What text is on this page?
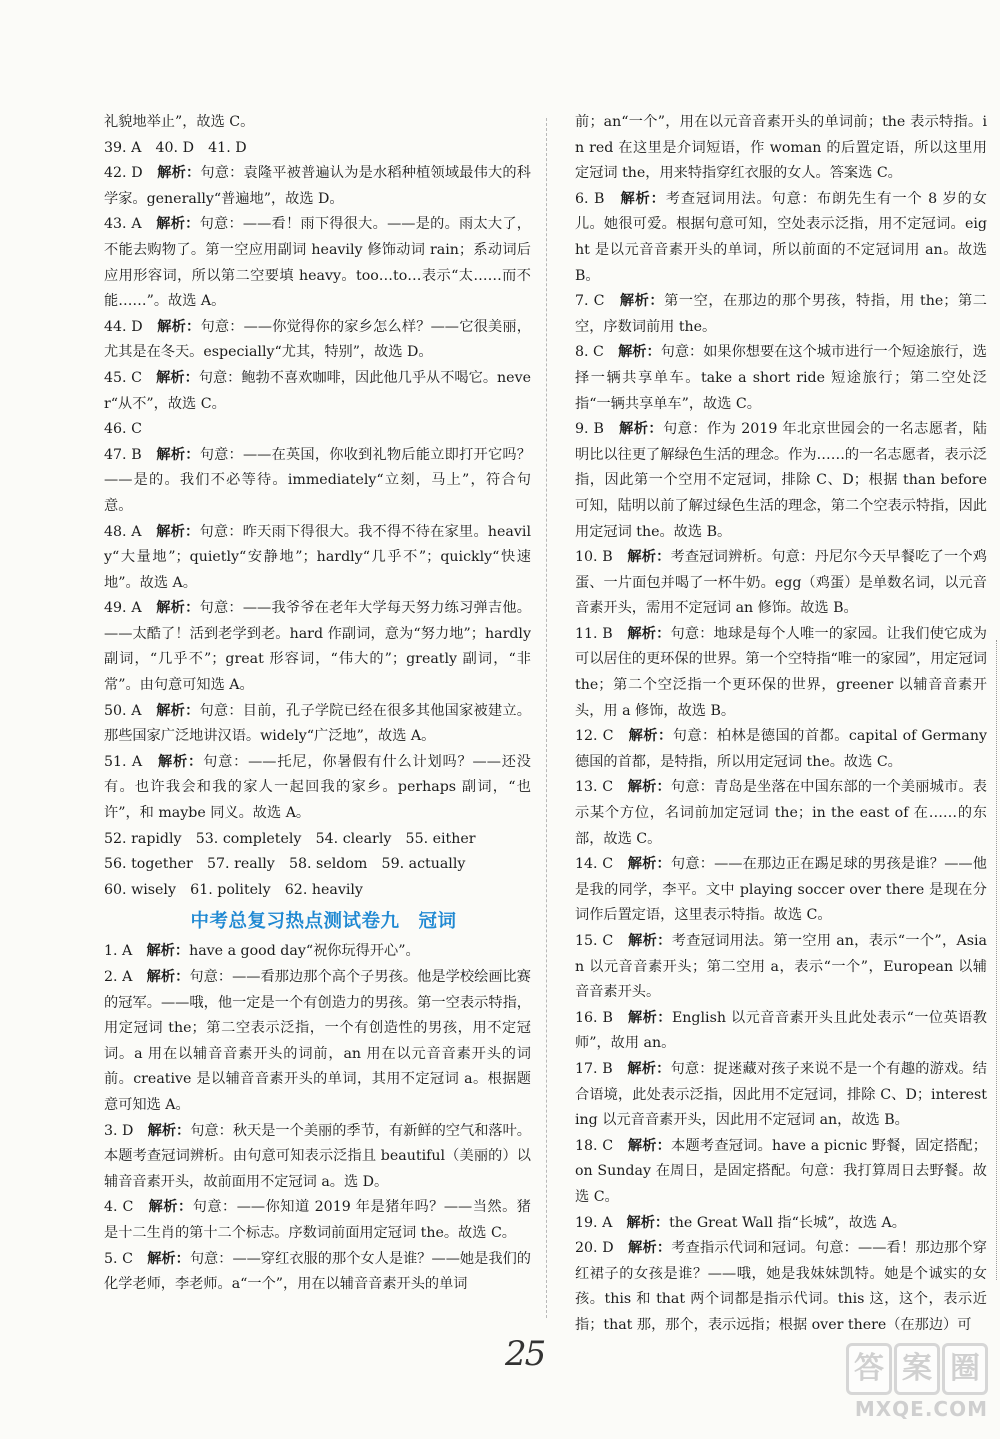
礼貌地举止”，故选 C。

39. A　40. D　41. D

42. D　解析：句意：袁隆平被普遍认为是水稻种植领域最伟大的科学家。generally“普遍地”，故选 D。

43. A　解析：句意：——看！雨下得很大。——是的。雨太大了，不能去购物了。第一空应用副词 heavily 修饰动词 rain；系动词后应用形容词，所以第二空要填 heavy。too…to…表示“太……而不能……”。故选 A。

44. D　解析：句意：——你觉得你的家乡怎么样？——它很美丽，尤其是在冬天。especially“尤其，特别”，故选 D。

45. C　解析：句意：鲍勃不喜欢咖啡，因此他几乎从不喝它。never“从不”，故选 C。

46. C

47. B　解析：句意：——在英国，你收到礼物后能立即打开它吗？——是的。我们不必等待。immediately“立刻，马上”，符合句意。

48. A　解析：句意：昨天雨下得很大。我不得不待在家里。heavily“大量地”；quietly“安静地”；hardly“几乎不”；quickly“快速地”。故选 A。

49. A　解析：句意：——我爷爷在老年大学每天努力练习弹吉他。——太酷了！活到老学到老。hard 作副词，意为“努力地”；hardly 副词，“几乎不”；great 形容词，“伟大的”；greatly 副词，“非常”。由句意可知选 A。

50. A　解析：句意：目前，孔子学院已经在很多其他国家被建立。那些国家广泛地讲汉语。widely“广泛地”，故选 A。

51. A　解析：句意：——托尼，你暑假有什么计划吗？——还没有。也许我会和我的家人一起回我的家乡。perhaps 副词，“也许”，和 maybe 同义。故选 A。

52. rapidly　53. completely　54. clearly　55. either

56. together　57. really　58. seldom　59. actually

60. wisely　61. politely　62. heavily

中考总复习热点测试卷九　冠词

1. A　解析：have a good day“祝你玩得开心”。

2. A　解析：句意：——看那边那个高个子男孩。他是学校绘画比赛的冠军。——哦，他一定是一个有创造力的男孩。第一空表示特指，用定冠词 the；第二空表示泛指，一个有创造性的男孩，用不定冠词。a 用在以辅音音素开头的词前，an 用在以元音音素开头的词前。creative 是以辅音音素开头的单词，其用不定冠词 a。根据题意可知选 A。

3. D　解析：句意：秋天是一个美丽的季节，有新鲜的空气和落叶。本题考查冠词辨析。由句意可知表示泛指且 beautiful（美丽的）以辅音音素开头，故前面用不定冠词 a。选 D。

4. C　解析：句意：——你知道 2019 年是猪年吗？——当然。猪是十二生肖的第十二个标志。序数词前面用定冠词 the。故选 C。

5. C　解析：句意：——穿红衣服的那个女人是谁？——她是我们的化学老师，李老师。a“一个”，用在以辅音音素开头的单词

前；an“一个”，用在以元音音素开头的单词前；the 表示特指。in red 在这里是介词短语，作 woman 的后置定语，所以这里用定冠词 the，用来特指穿红衣服的女人。答案选 C。

6. B　解析：考查冠词用法。句意：布朗先生有一个 8 岁的女儿。她很可爱。根据句意可知，空处表示泛指，用不定冠词。eight 是以元音音素开头的单词，所以前面的不定冠词用 an。故选 B。

7. C　解析：第一空，在那边的那个男孩，特指，用 the；第二空，序数词前用 the。

8. C　解析：句意：如果你想要在这个城市进行一个短途旅行，选择一辆共享单车。take a short ride 短途旅行；第二空处泛指“一辆共享单车”，故选 C。

9. B　解析：句意：作为 2019 年北京世园会的一名志愿者，陆明比以往更了解绿色生活的理念。作为……的一名志愿者，表示泛指，因此第一个空用不定冠词，排除 C、D；根据 than before 可知，陆明以前了解过绿色生活的理念，第二个空表示特指，因此用定冠词 the。故选 B。

10. B　解析：考查冠词辨析。句意：丹尼尔今天早餐吃了一个鸡蛋、一片面包并喝了一杯牛奶。egg（鸡蛋）是单数名词，以元音音素开头，需用不定冠词 an 修饰。故选 B。

11. B　解析：句意：地球是每个人唯一的家园。让我们使它成为可以居住的更环保的世界。第一个空特指“唯一的家园”，用定冠词 the；第二个空泛指一个更环保的世界，greener 以辅音音素开头，用 a 修饰，故选 B。

12. C　解析：句意：柏林是德国的首都。capital of Germany 德国的首都，是特指，所以用定冠词 the。故选 C。

13. C　解析：句意：青岛是坐落在中国东部的一个美丽城市。表示某个方位，名词前加定冠词 the；in the east of 在……的东部，故选 C。

14. C　解析：句意：——在那边正在踢足球的男孩是谁？——他是我的同学，李平。文中 playing soccer over there 是现在分词作后置定语，这里表示特指。故选 C。

15. C　解析：考查冠词用法。第一空用 an，表示“一个”，Asian 以元音音素开头；第二空用 a，表示“一个”，European 以辅音音素开头。

16. B　解析：English 以元音音素开头且此处表示“一位英语教师”，故用 an。

17. B　解析：句意：捉迷藏对孩子来说不是一个有趣的游戏。结合语境，此处表示泛指，因此用不定冠词，排除 C、D；interesting 以元音音素开头，因此用不定冠词 an，故选 B。

18. C　解析：本题考查冠词。have a picnic 野餐，固定搭配；on Sunday 在周日，是固定搭配。句意：我打算周日去野餐。故选 C。

19. A　解析：the Great Wall 指“长城”，故选 A。

20. D　解析：考查指示代词和冠词。句意：——看！那边那个穿红裙子的女孩是谁？——哦，她是我妹妹凯特。她是个诚实的女孩。this 和 that 两个词都是指示代词。this 这，这个，表示近指；that 那，那个，表示远指；根据 over there（在那边）可

25	答 案 圈
MXQE.COM
